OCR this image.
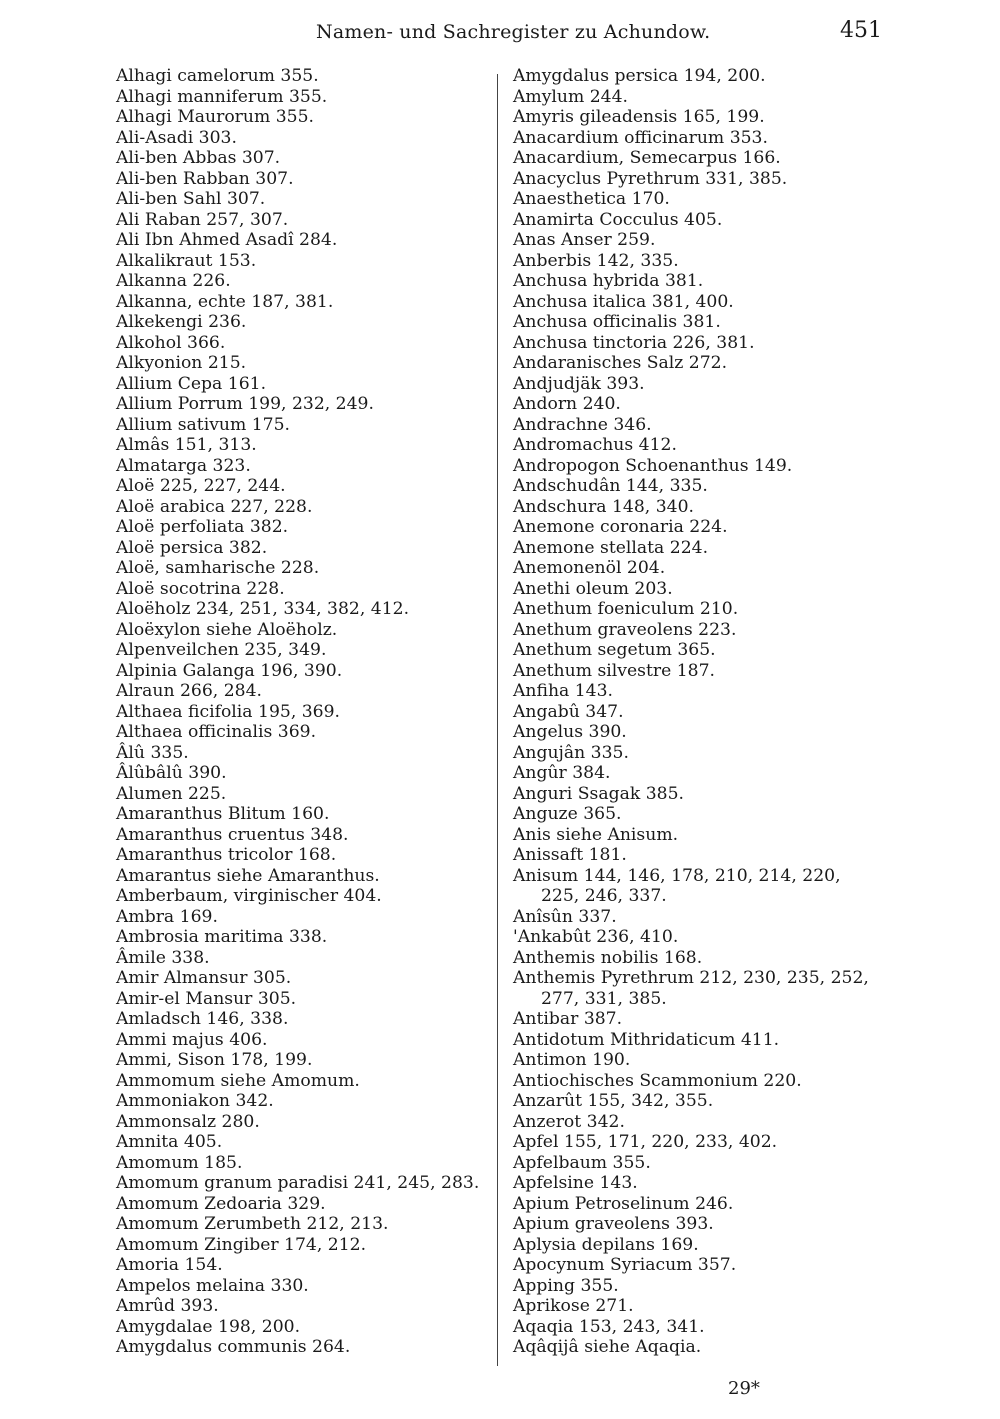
Namen- und Sachregister zu Achundow.	451
Alhagi camelorum 355.
Alhagi manniferum 355.
Alhagi Maurorum 355.
Ali-Asadi 303.
Ali-ben Abbas 307.
Ali-ben Rabban 307.
Ali-ben Sahl 307.
Ali Raban 257, 307.
Ali Ibn Ahmed Asadî 284.
Alkalikraut 153.
Alkanna 226.
Alkanna, echte 187, 381.
Alkekengi 236.
Alkohol 366.
Alkyonion 215.
Allium Cepa 161.
Allium Porrum 199, 232, 249.
Allium sativum 175.
Almâs 151, 313.
Almatarga 323.
Aloë 225, 227, 244.
Aloë arabica 227, 228.
Aloë perfoliata 382.
Aloë persica 382.
Aloë, samharische 228.
Aloë socotrina 228.
Aloëholz 234, 251, 334, 382, 412.
Aloëxylon siehe Aloëholz.
Alpenveilchen 235, 349.
Alpinia Galanga 196, 390.
Alraun 266, 284.
Althaea ficifolia 195, 369.
Althaea officinalis 369.
Âlû 335.
Âlûbâlû 390.
Alumen 225.
Amaranthus Blitum 160.
Amaranthus cruentus 348.
Amaranthus tricolor 168.
Amarantus siehe Amaranthus.
Amberbaum, virginischer 404.
Ambra 169.
Ambrosia maritima 338.
Âmile 338.
Amir Almansur 305.
Amir-el Mansur 305.
Amladsch 146, 338.
Ammi majus 406.
Ammi, Sison 178, 199.
Ammomum siehe Amomum.
Ammoniakon 342.
Ammonsalz 280.
Amnita 405.
Amomum 185.
Amomum granum paradisi 241, 245, 283.
Amomum Zedoaria 329.
Amomum Zerumbeth 212, 213.
Amomum Zingiber 174, 212.
Amoria 154.
Ampelos melaina 330.
Amrûd 393.
Amygdalae 198, 200.
Amygdalus communis 264.
Amygdalus persica 194, 200.
Amylum 244.
Amyris gileadensis 165, 199.
Anacardium officinarum 353.
Anacardium, Semecarpus 166.
Anacyclus Pyrethrum 331, 385.
Anaesthetica 170.
Anamirta Cocculus 405.
Anas Anser 259.
Anberbis 142, 335.
Anchusa hybrida 381.
Anchusa italica 381, 400.
Anchusa officinalis 381.
Anchusa tinctoria 226, 381.
Andaranisches Salz 272.
Andjudjäk 393.
Andorn 240.
Andrachne 346.
Andromachus 412.
Andropogon Schoenanthus 149.
Andschudân 144, 335.
Andschura 148, 340.
Anemone coronaria 224.
Anemone stellata 224.
Anemonenöl 204.
Anethi oleum 203.
Anethum foeniculum 210.
Anethum graveolens 223.
Anethum segetum 365.
Anethum silvestre 187.
Anfiha 143.
Angabû 347.
Angelus 390.
Angujân 335.
Angûr 384.
Anguri Ssagak 385.
Anguze 365.
Anis siehe Anisum.
Anissaft 181.
Anisum 144, 146, 178, 210, 214, 220,

225, 246, 337.
Anîsûn 337.
'Ankabût 236, 410.
Anthemis nobilis 168.
Anthemis Pyrethrum 212, 230, 235, 252,

277, 331, 385.
Antibar 387.
Antidotum Mithridaticum 411.
Antimon 190.
Antiochisches Scammonium 220.
Anzarût 155, 342, 355.
Anzerot 342.
Apfel 155, 171, 220, 233, 402.
Apfelbaum 355.
Apfelsine 143.
Apium Petroselinum 246.
Apium graveolens 393.
Aplysia depilans 169.
Apocynum Syriacum 357.
Apping 355.
Aprikose 271.
Aqaqia 153, 243, 341.
Aqâqijâ siehe Aqaqia.
29*
